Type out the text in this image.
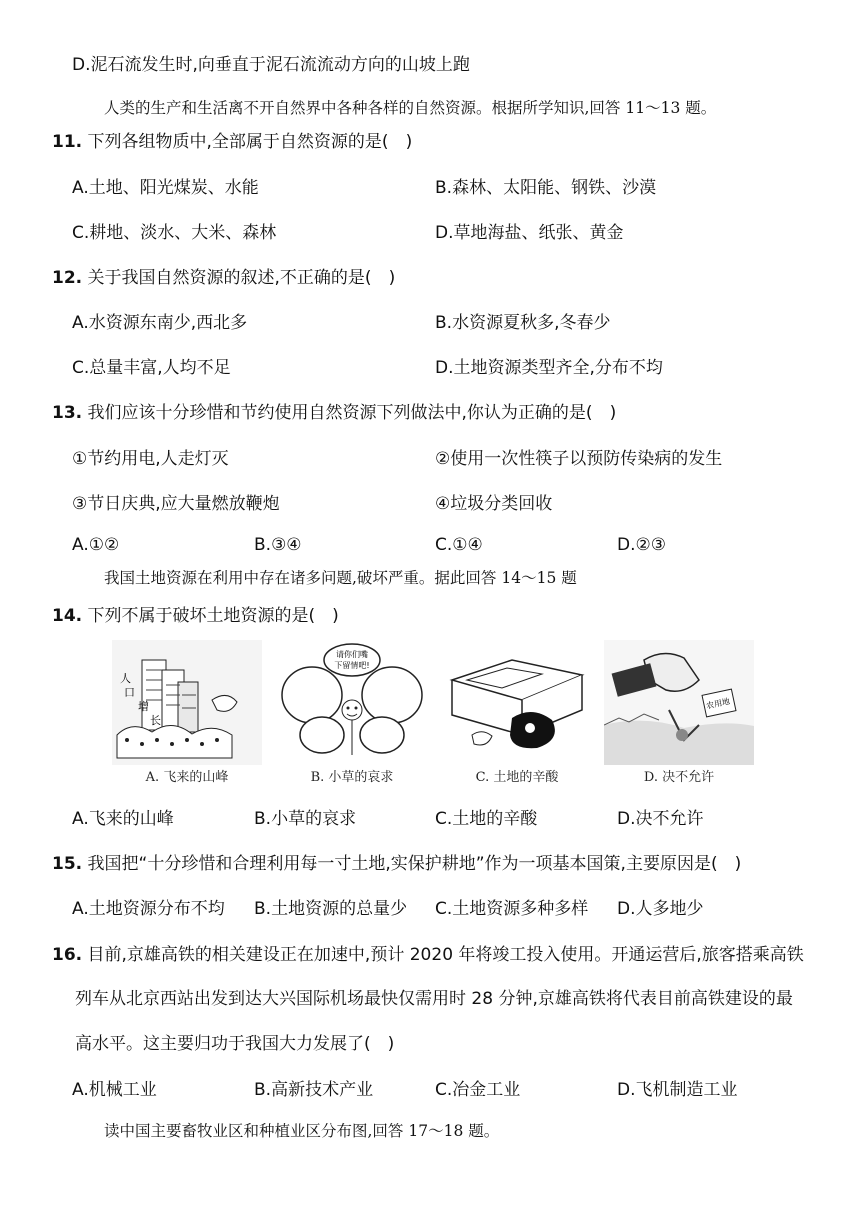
D.泥石流发生时,向垂直于泥石流流动方向的山坡上跑
人类的生产和生活离不开自然界中各种各样的自然资源。根据所学知识,回答 11～13 题。
11. 下列各组物质中,全部属于自然资源的是(　)
A.土地、阳光煤炭、水能	B.森林、太阳能、钢铁、沙漠
C.耕地、淡水、大米、森林	D.草地海盐、纸张、黄金
12. 关于我国自然资源的叙述,不正确的是(　)
A.水资源东南少,西北多	B.水资源夏秋多,冬春少
C.总量丰富,人均不足	D.土地资源类型齐全,分布不均
13. 我们应该十分珍惜和节约使用自然资源下列做法中,你认为正确的是(　)
①节约用电,人走灯灭	②使用一次性筷子以预防传染病的发生
③节日庆典,应大量燃放鞭炮	④垃圾分类回收
A.①②	B.③④	C.①④	D.②③
我国土地资源在利用中存在诸多问题,破坏严重。据此回答 14～15 题
14. 下列不属于破坏土地资源的是(　)
人
口
增
长
A. 飞来的山峰
请你们嘴
下留情吧!
B. 小草的哀求	C. 土地的辛酸
农用地
D. 决不允许
A.飞来的山峰	B.小草的哀求	C.土地的辛酸	D.决不允许
15. 我国把“十分珍惜和合理利用每一寸土地,实保护耕地”作为一项基本国策,主要原因是(　)
A.土地资源分布不均 B.土地资源的总量少 C.土地资源多种多样 D.人多地少
16. 目前,京雄高铁的相关建设正在加速中,预计 2020 年将竣工投入使用。开通运营后,旅客搭乘高铁
列车从北京西站出发到达大兴国际机场最快仅需用时 28 分钟,京雄高铁将代表目前高铁建设的最
高水平。这主要归功于我国大力发展了(　)
A.机械工业	B.高新技术产业	C.冶金工业	D.飞机制造工业
读中国主要畜牧业区和种植业区分布图,回答 17～18 题。
